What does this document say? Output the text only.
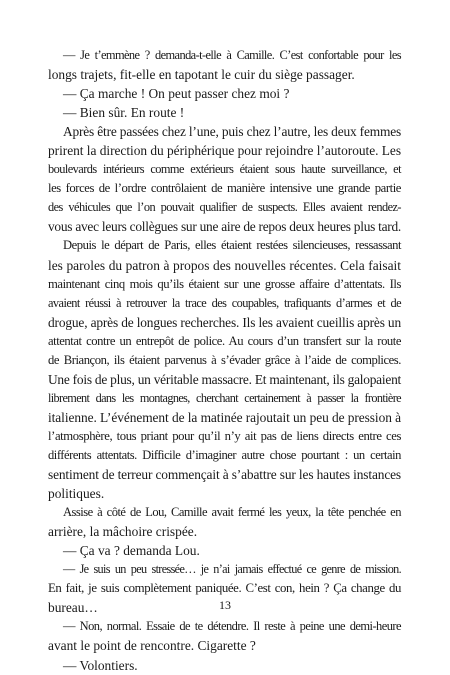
— Je t’emmène ? demanda-t-elle à Camille. C’est confortable pour les
longs trajets, fit-elle en tapotant le cuir du siège passager.
— Ça marche ! On peut passer chez moi ?
— Bien sûr. En route !
Après être passées chez l’une, puis chez l’autre, les deux femmes
prirent la direction du périphérique pour rejoindre l’autoroute. Les
boulevards intérieurs comme extérieurs étaient sous haute surveillance, et
les forces de l’ordre contrôlaient de manière intensive une grande partie
des véhicules que l’on pouvait qualifier de suspects. Elles avaient rendez-
vous avec leurs collègues sur une aire de repos deux heures plus tard.
Depuis le départ de Paris, elles étaient restées silencieuses, ressassant
les paroles du patron à propos des nouvelles récentes. Cela faisait
maintenant cinq mois qu’ils étaient sur une grosse affaire d’attentats. Ils
avaient réussi à retrouver la trace des coupables, trafiquants d’armes et de
drogue, après de longues recherches. Ils les avaient cueillis après un
attentat contre un entrepôt de police. Au cours d’un transfert sur la route
de Briançon, ils étaient parvenus à s’évader grâce à l’aide de complices.
Une fois de plus, un véritable massacre. Et maintenant, ils galopaient
librement dans les montagnes, cherchant certainement à passer la frontière
italienne. L’événement de la matinée rajoutait un peu de pression à
l’atmosphère, tous priant pour qu’il n’y ait pas de liens directs entre ces
différents attentats. Difficile d’imaginer autre chose pourtant : un certain
sentiment de terreur commençait à s’abattre sur les hautes instances
politiques.
Assise à côté de Lou, Camille avait fermé les yeux, la tête penchée en
arrière, la mâchoire crispée.
— Ça va ? demanda Lou.
— Je suis un peu stressée… je n’ai jamais effectué ce genre de mission.
En fait, je suis complètement paniquée. C’est con, hein ? Ça change du
bureau…
— Non, normal. Essaie de te détendre. Il reste à peine une demi-heure
avant le point de rencontre. Cigarette ?
— Volontiers.
13
